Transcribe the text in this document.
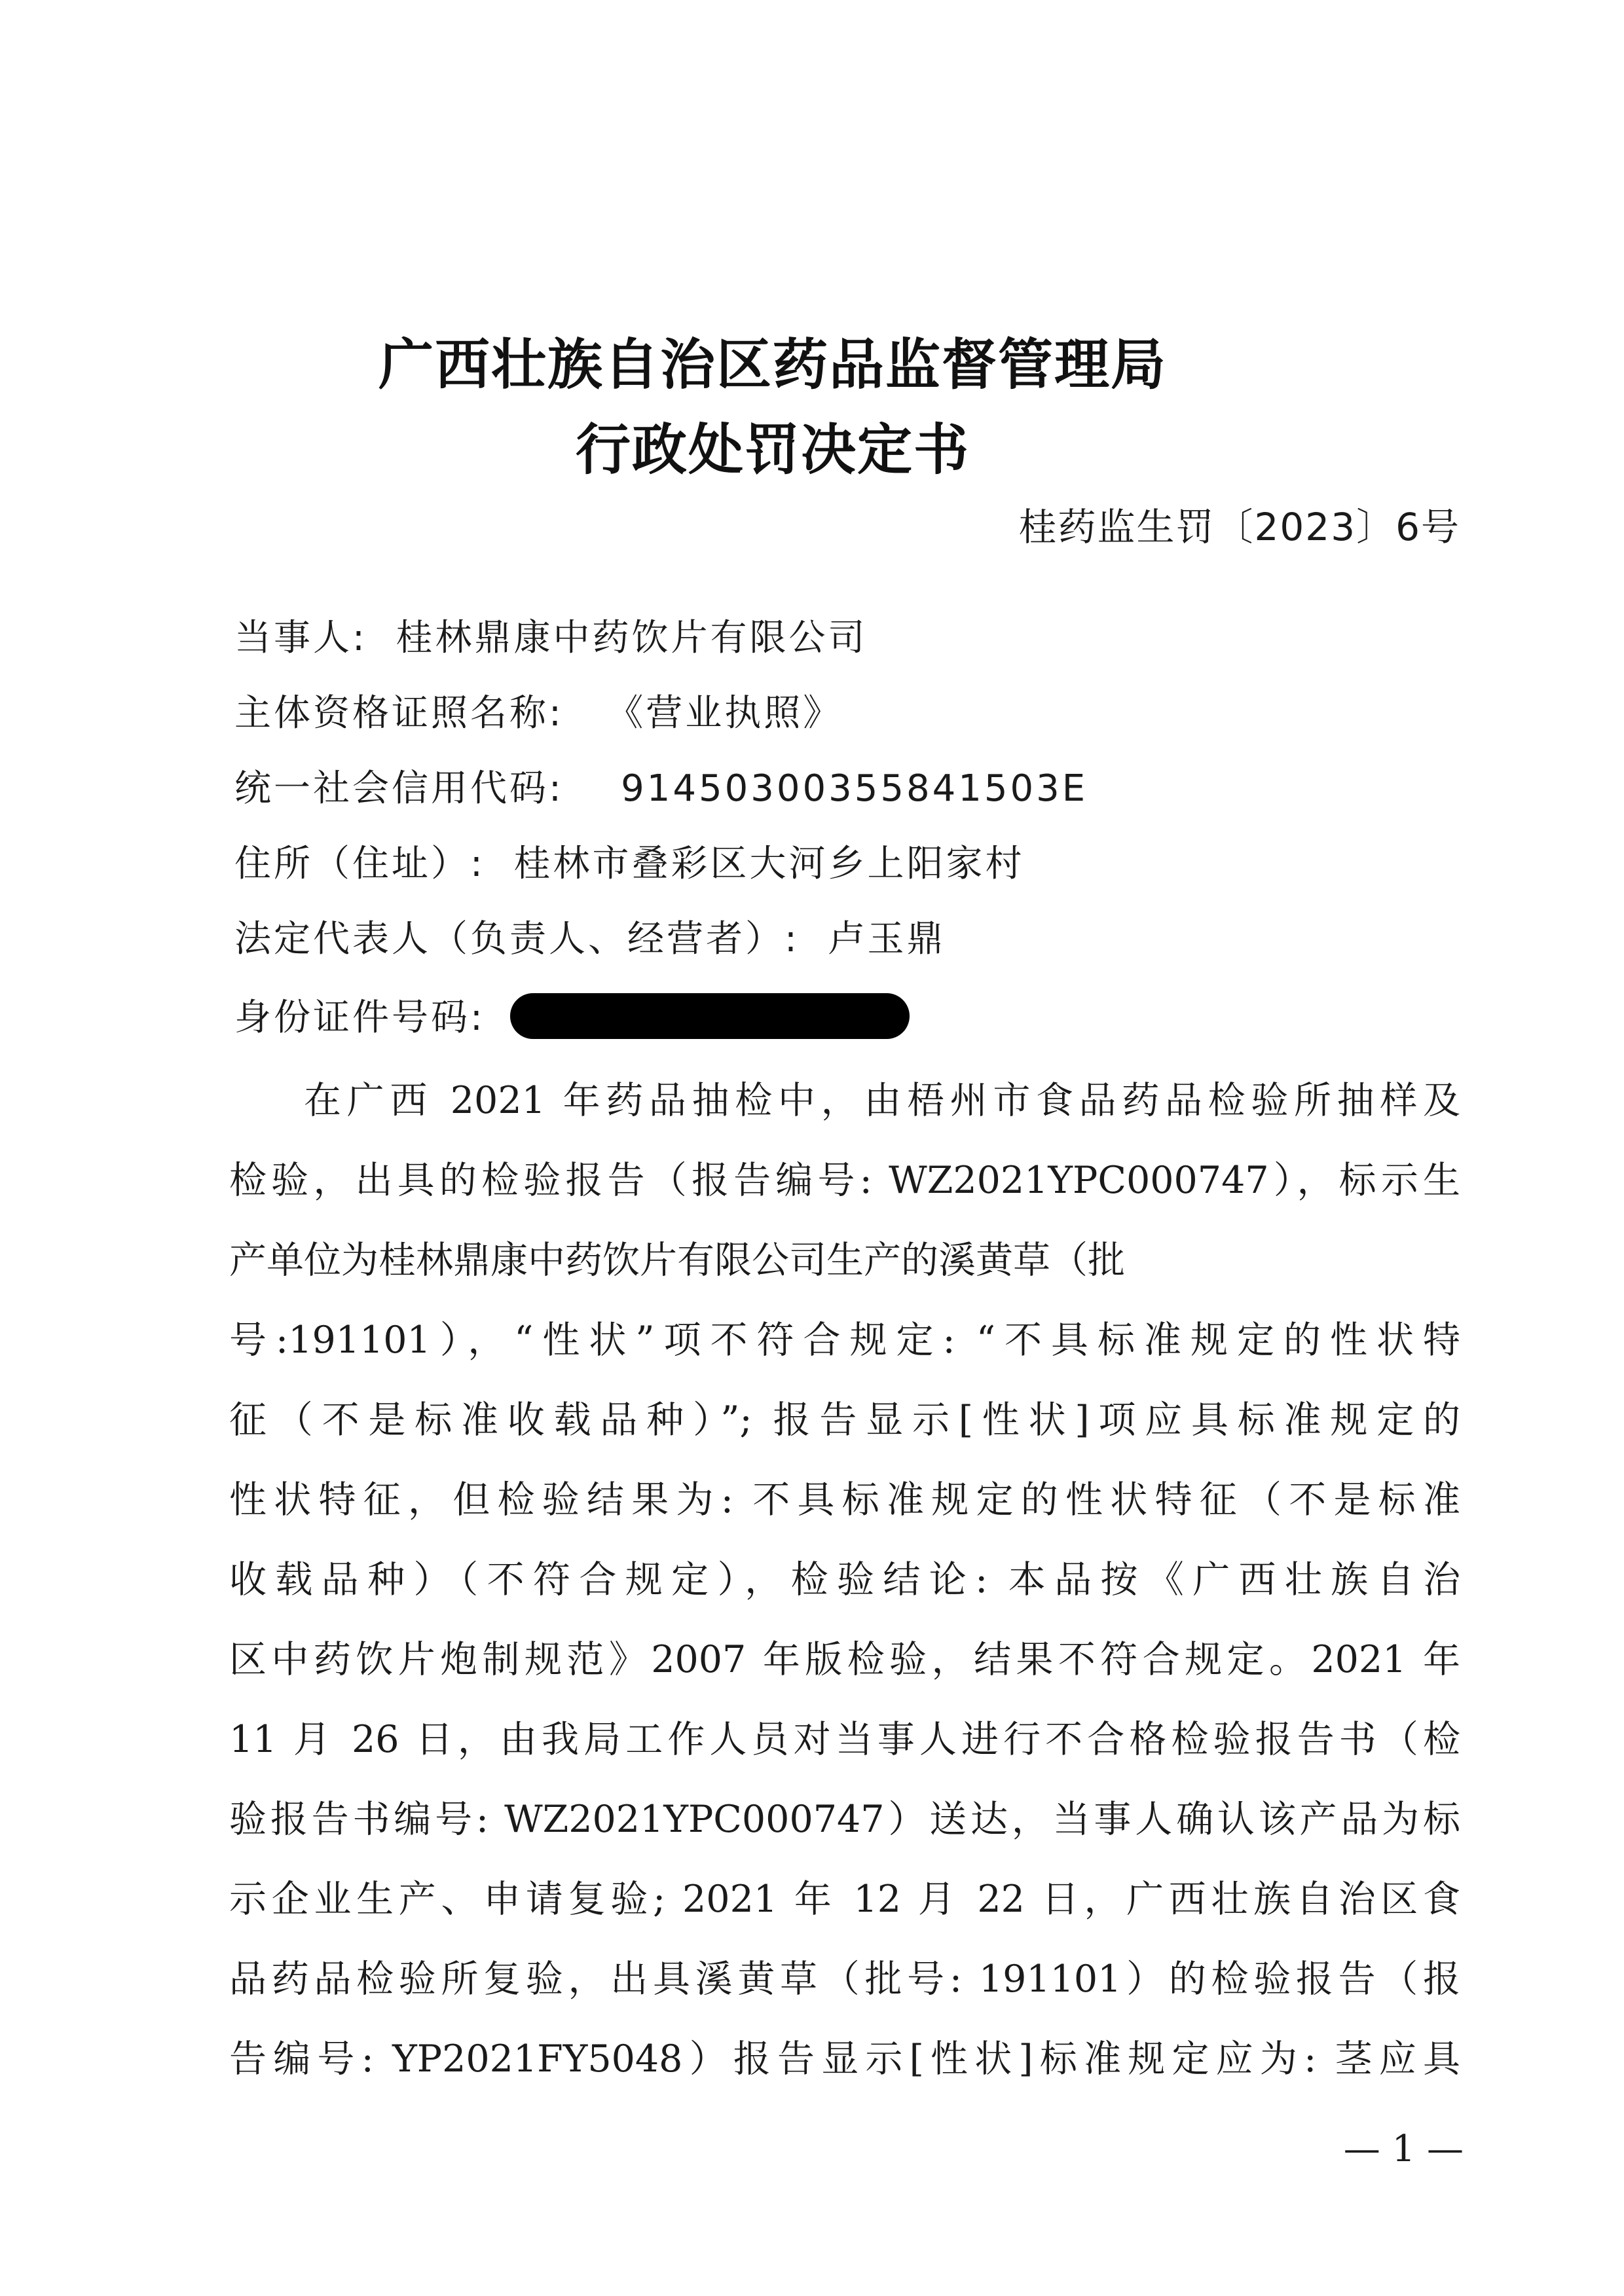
广西壮族自治区药品监督管理局
行政处罚决定书
桂药监生罚〔2023〕6号
当事人: 桂林鼎康中药饮片有限公司
主体资格证照名称: 《营业执照》
统一社会信用代码: 91450300355841503E
住所（住址）: 桂林市叠彩区大河乡上阳家村
法定代表人（负责人、经营者）: 卢玉鼎
身份证件号码:
在广西 2021 年药品抽检中，由梧州市食品药品检验所抽样及
检验，出具的检验报告（报告编号: WZ2021YPC000747），标示生
产单位为桂林鼎康中药饮片有限公司生产的溪黄草（批
号:191101），“性状”项不符合规定: “不具标准规定的性状特
征（不是标准收载品种）”; 报告显示[性状]项应具标准规定的
性状特征，但检验结果为: 不具标准规定的性状特征（不是标准
收载品种）（不符合规定），检验结论: 本品按《广西壮族自治
区中药饮片炮制规范》2007 年版检验，结果不符合规定。2021 年
11 月 26 日，由我局工作人员对当事人进行不合格检验报告书（检
验报告书编号: WZ2021YPC000747）送达，当事人确认该产品为标
示企业生产、申请复验; 2021 年 12 月 22 日，广西壮族自治区食
品药品检验所复验，出具溪黄草（批号: 191101）的检验报告（报
告编号: YP2021FY5048）报告显示[性状]标准规定应为: 茎应具
— 1 —
